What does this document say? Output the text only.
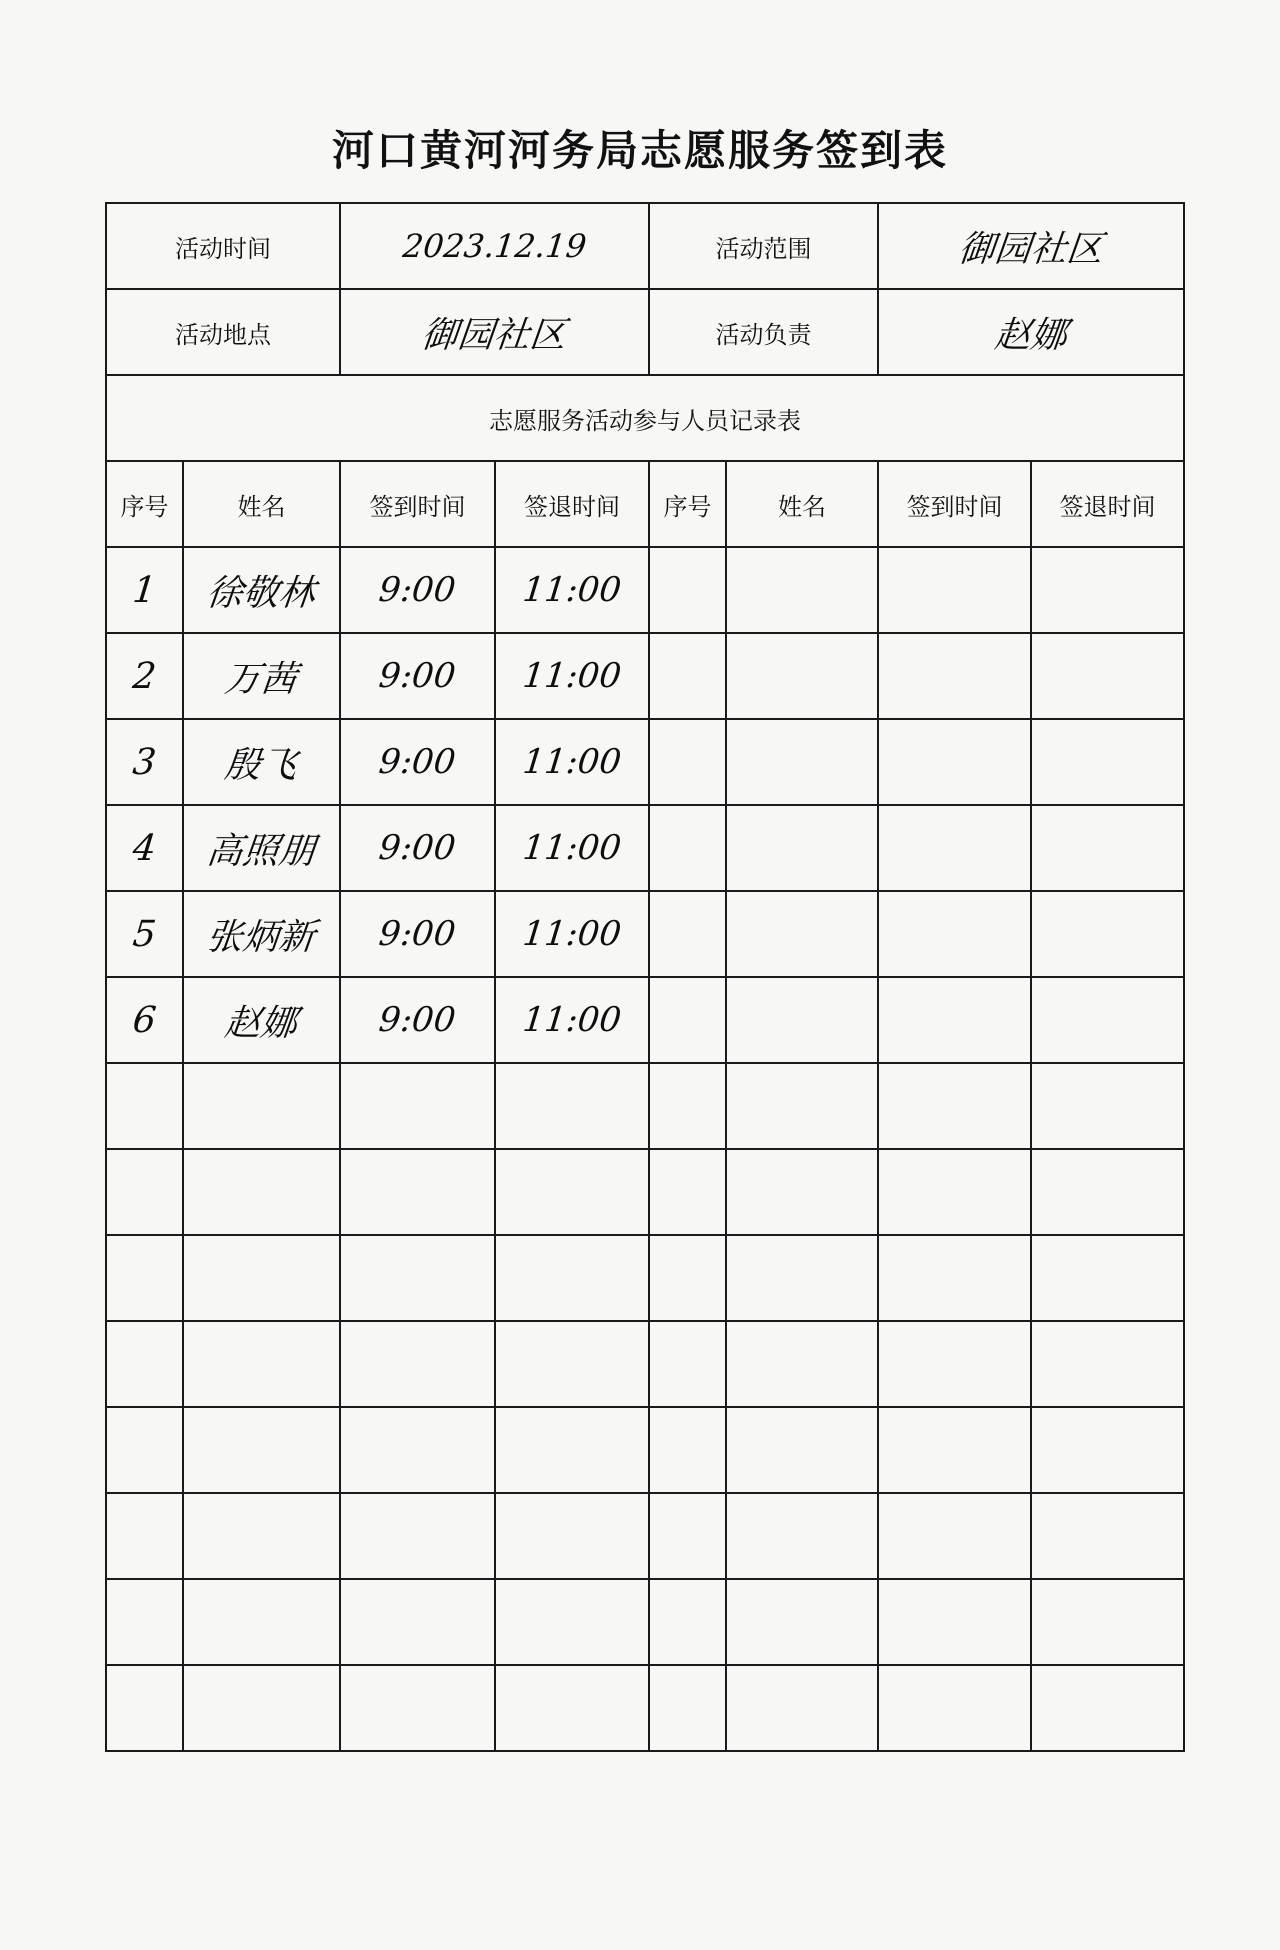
河口黄河河务局志愿服务签到表
活动时间		2023.12.19		活动范围		御园社区	
活动地点		御园社区		活动负责		赵娜	
志愿服务活动参与人员记录表							
序号	姓名	签到时间	签退时间	序号	姓名	签到时间	签退时间
1	徐敬林	9:00	11:00				
2	万茜	9:00	11:00				
3	殷飞	9:00	11:00				
4	高照朋	9:00	11:00				
5	张炳新	9:00	11:00				
6	赵娜	9:00	11:00				
